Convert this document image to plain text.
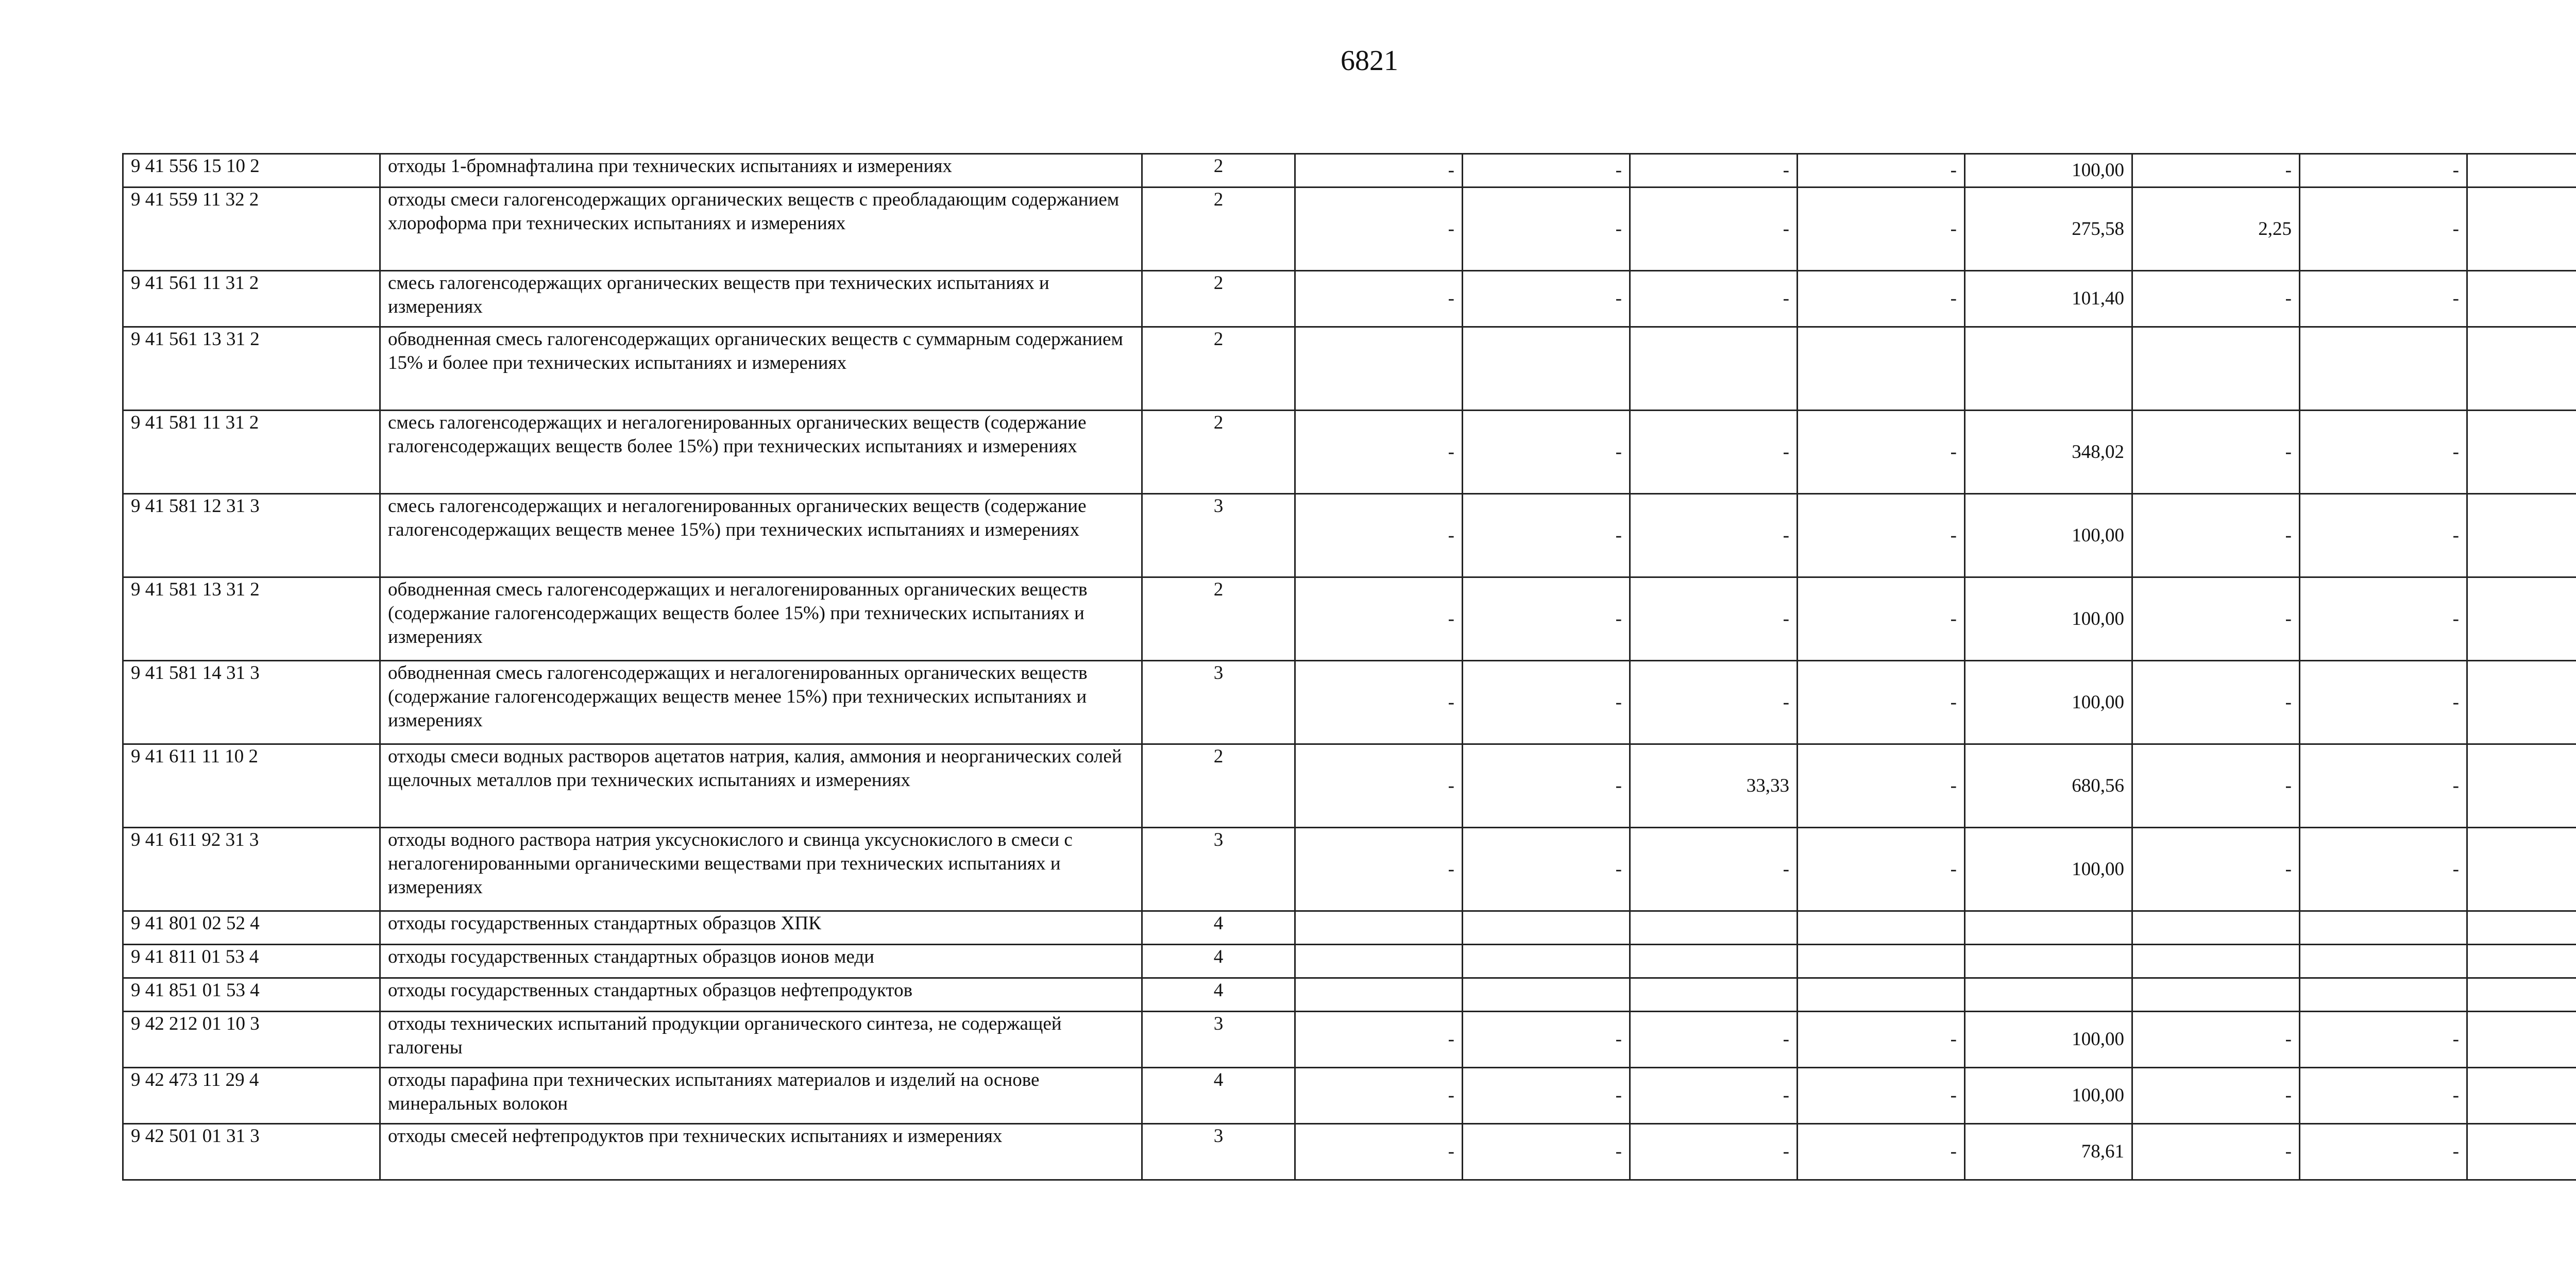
6821
9 41 556 15 10 2	отходы 1-бромнафталина при технических испытаниях и измерениях	2	-	-	-	-	100,00	-	-	
9 41 559 11 32 2	отходы смеси галогенсодержащих органических веществ с преобладающим содержанием хлороформа при технических испытаниях и измерениях	2	-	-	-	-	275,58	2,25	-	
9 41 561 11 31 2	смесь галогенсодержащих органических веществ при технических испытаниях и измерениях	2	-	-	-	-	101,40	-	-	
9 41 561 13 31 2	обводненная смесь галогенсодержащих органических веществ с суммарным содержанием 15% и более при технических испытаниях и измерениях	2								
9 41 581 11 31 2	смесь галогенсодержащих и негалогенированных органических веществ (содержание галогенсодержащих веществ более 15%) при технических испытаниях и измерениях	2	-	-	-	-	348,02	-	-	
9 41 581 12 31 3	смесь галогенсодержащих и негалогенированных органических веществ (содержание галогенсодержащих веществ менее 15%) при технических испытаниях и измерениях	3	-	-	-	-	100,00	-	-	
9 41 581 13 31 2	обводненная смесь галогенсодержащих и негалогенированных органических веществ (содержание галогенсодержащих веществ более 15%) при технических испытаниях и измерениях	2	-	-	-	-	100,00	-	-	
9 41 581 14 31 3	обводненная смесь галогенсодержащих и негалогенированных органических веществ (содержание галогенсодержащих веществ менее 15%) при технических испытаниях и измерениях	3	-	-	-	-	100,00	-	-	
9 41 611 11 10 2	отходы смеси водных растворов ацетатов натрия, калия, аммония и неорганических солей щелочных металлов при технических испытаниях и измерениях	2	-	-	33,33	-	680,56	-	-	
9 41 611 92 31 3	отходы водного раствора натрия уксуснокислого и свинца уксуснокислого в смеси с негалогенированными органическими веществами при технических испытаниях и измерениях	3	-	-	-	-	100,00	-	-	
9 41 801 02 52 4	отходы государственных стандартных образцов ХПК	4								
9 41 811 01 53 4	отходы государственных стандартных образцов ионов меди	4								
9 41 851 01 53 4	отходы государственных стандартных образцов нефтепродуктов	4								
9 42 212 01 10 3	отходы технических испытаний продукции органического синтеза, не содержащей галогены	3	-	-	-	-	100,00	-	-	
9 42 473 11 29 4	отходы парафина при технических испытаниях материалов и изделий на основе минеральных волокон	4	-	-	-	-	100,00	-	-	
9 42 501 01 31 3	отходы смесей нефтепродуктов при технических испытаниях и измерениях	3	-	-	-	-	78,61	-	-	
